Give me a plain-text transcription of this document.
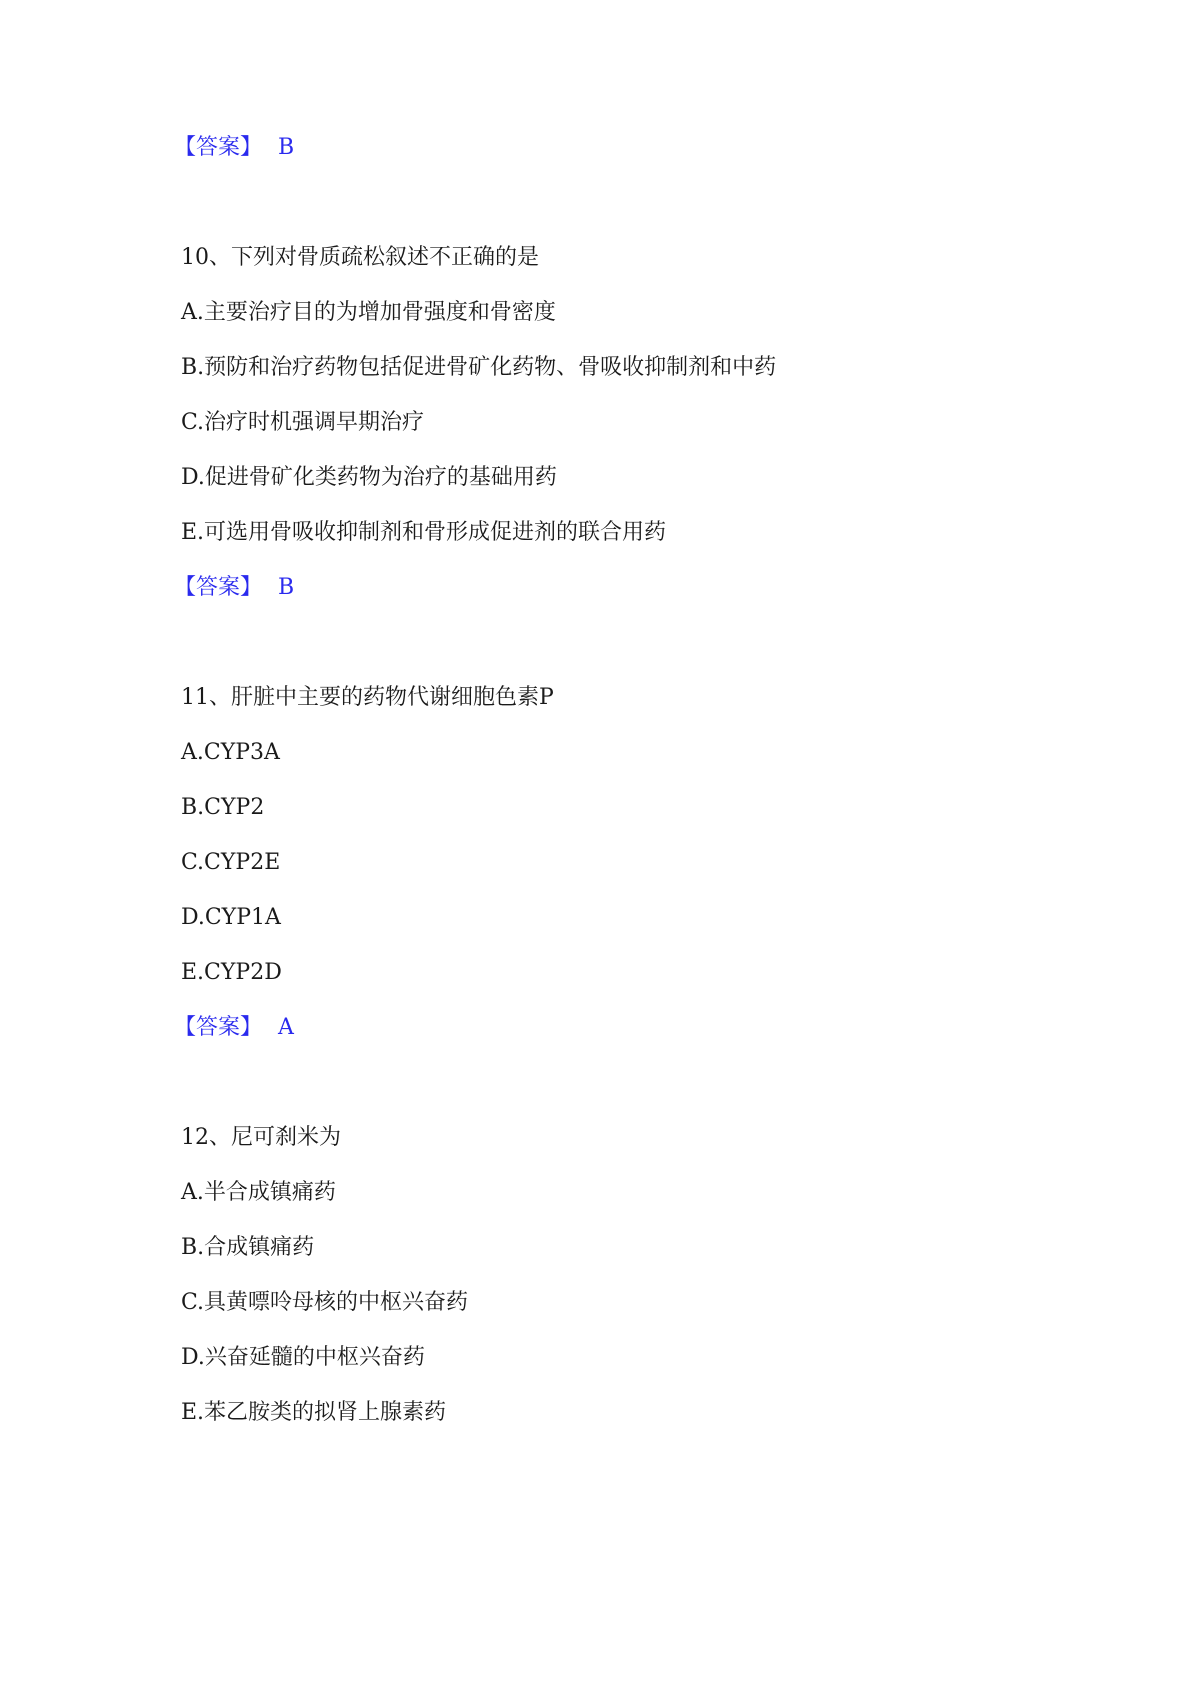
【答案】 B
10、下列对骨质疏松叙述不正确的是
A.主要治疗目的为增加骨强度和骨密度
B.预防和治疗药物包括促进骨矿化药物、骨吸收抑制剂和中药
C.治疗时机强调早期治疗
D.促进骨矿化类药物为治疗的基础用药
E.可选用骨吸收抑制剂和骨形成促进剂的联合用药
【答案】 B
11、肝脏中主要的药物代谢细胞色素P
A.CYP3A
B.CYP2
C.CYP2E
D.CYP1A
E.CYP2D
【答案】 A
12、尼可刹米为
A.半合成镇痛药
B.合成镇痛药
C.具黄嘌呤母核的中枢兴奋药
D.兴奋延髓的中枢兴奋药
E.苯乙胺类的拟肾上腺素药
